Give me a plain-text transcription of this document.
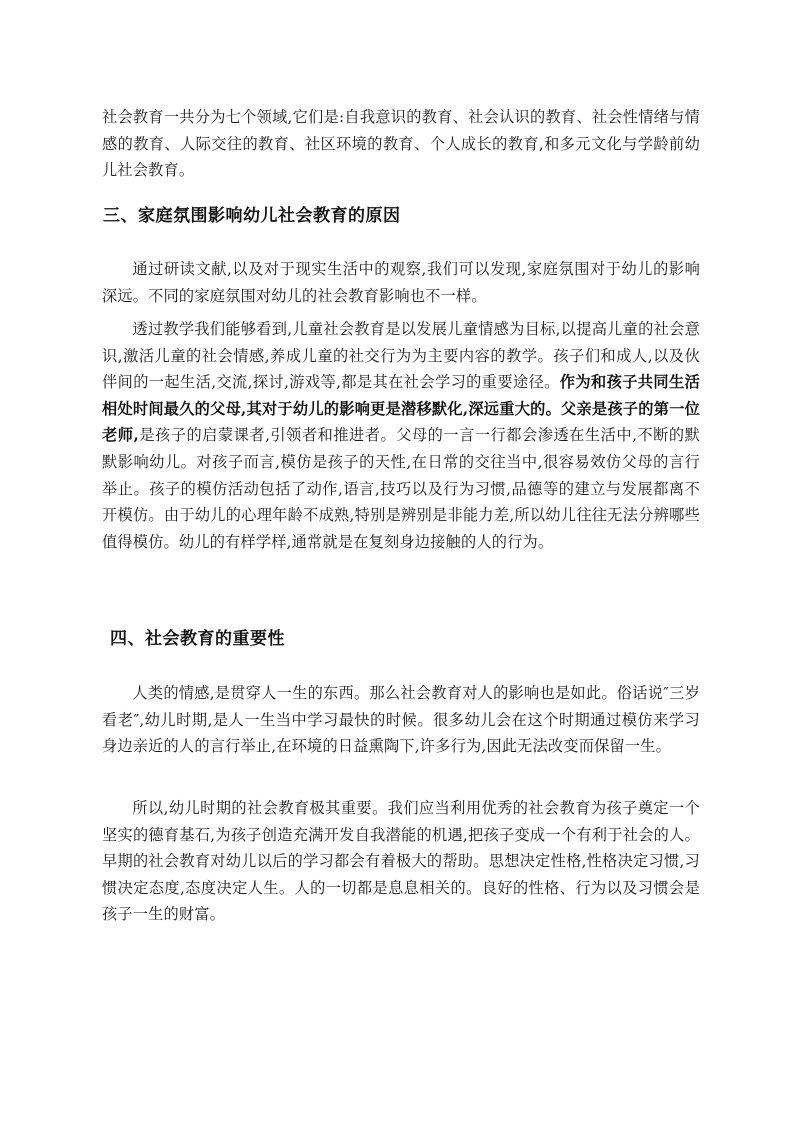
社会教育一共分为七个领域,它们是:自我意识的教育、社会认识的教育、社会性情绪与情感的教育、人际交往的教育、社区环境的教育、个人成长的教育,和多元文化与学龄前幼儿社会教育。

三、家庭氛围影响幼儿社会教育的原因

通过研读文献,以及对于现实生活中的观察,我们可以发现,家庭氛围对于幼儿的影响深远。不同的家庭氛围对幼儿的社会教育影响也不一样。

透过教学我们能够看到,儿童社会教育是以发展儿童情感为目标,以提高儿童的社会意识,激活儿童的社会情感,养成儿童的社交行为为主要内容的教学。孩子们和成人,以及伙伴间的一起生活,交流,探讨,游戏等,都是其在社会学习的重要途径。作为和孩子共同生活相处时间最久的父母,其对于幼儿的影响更是潜移默化,深远重大的。父亲是孩子的第一位老师,是孩子的启蒙课者,引领者和推进者。父母的一言一行都会渗透在生活中,不断的默默影响幼儿。对孩子而言,模仿是孩子的天性,在日常的交往当中,很容易效仿父母的言行举止。孩子的模仿活动包括了动作,语言,技巧以及行为习惯,品德等的建立与发展都离不开模仿。由于幼儿的心理年龄不成熟,特别是辨别是非能力差,所以幼儿往往无法分辨哪些值得模仿。幼儿的有样学样,通常就是在复刻身边接触的人的行为。

四、社会教育的重要性

人类的情感,是贯穿人一生的东西。那么社会教育对人的影响也是如此。俗话说″三岁看老″,幼儿时期,是人一生当中学习最快的时候。很多幼儿会在这个时期通过模仿来学习身边亲近的人的言行举止,在环境的日益熏陶下,许多行为,因此无法改变而保留一生。

所以,幼儿时期的社会教育极其重要。我们应当利用优秀的社会教育为孩子奠定一个坚实的德育基石,为孩子创造充满开发自我潜能的机遇,把孩子变成一个有利于社会的人。早期的社会教育对幼儿以后的学习都会有着极大的帮助。思想决定性格,性格决定习惯,习惯决定态度,态度决定人生。人的一切都是息息相关的。良好的性格、行为以及习惯会是孩子一生的财富。
